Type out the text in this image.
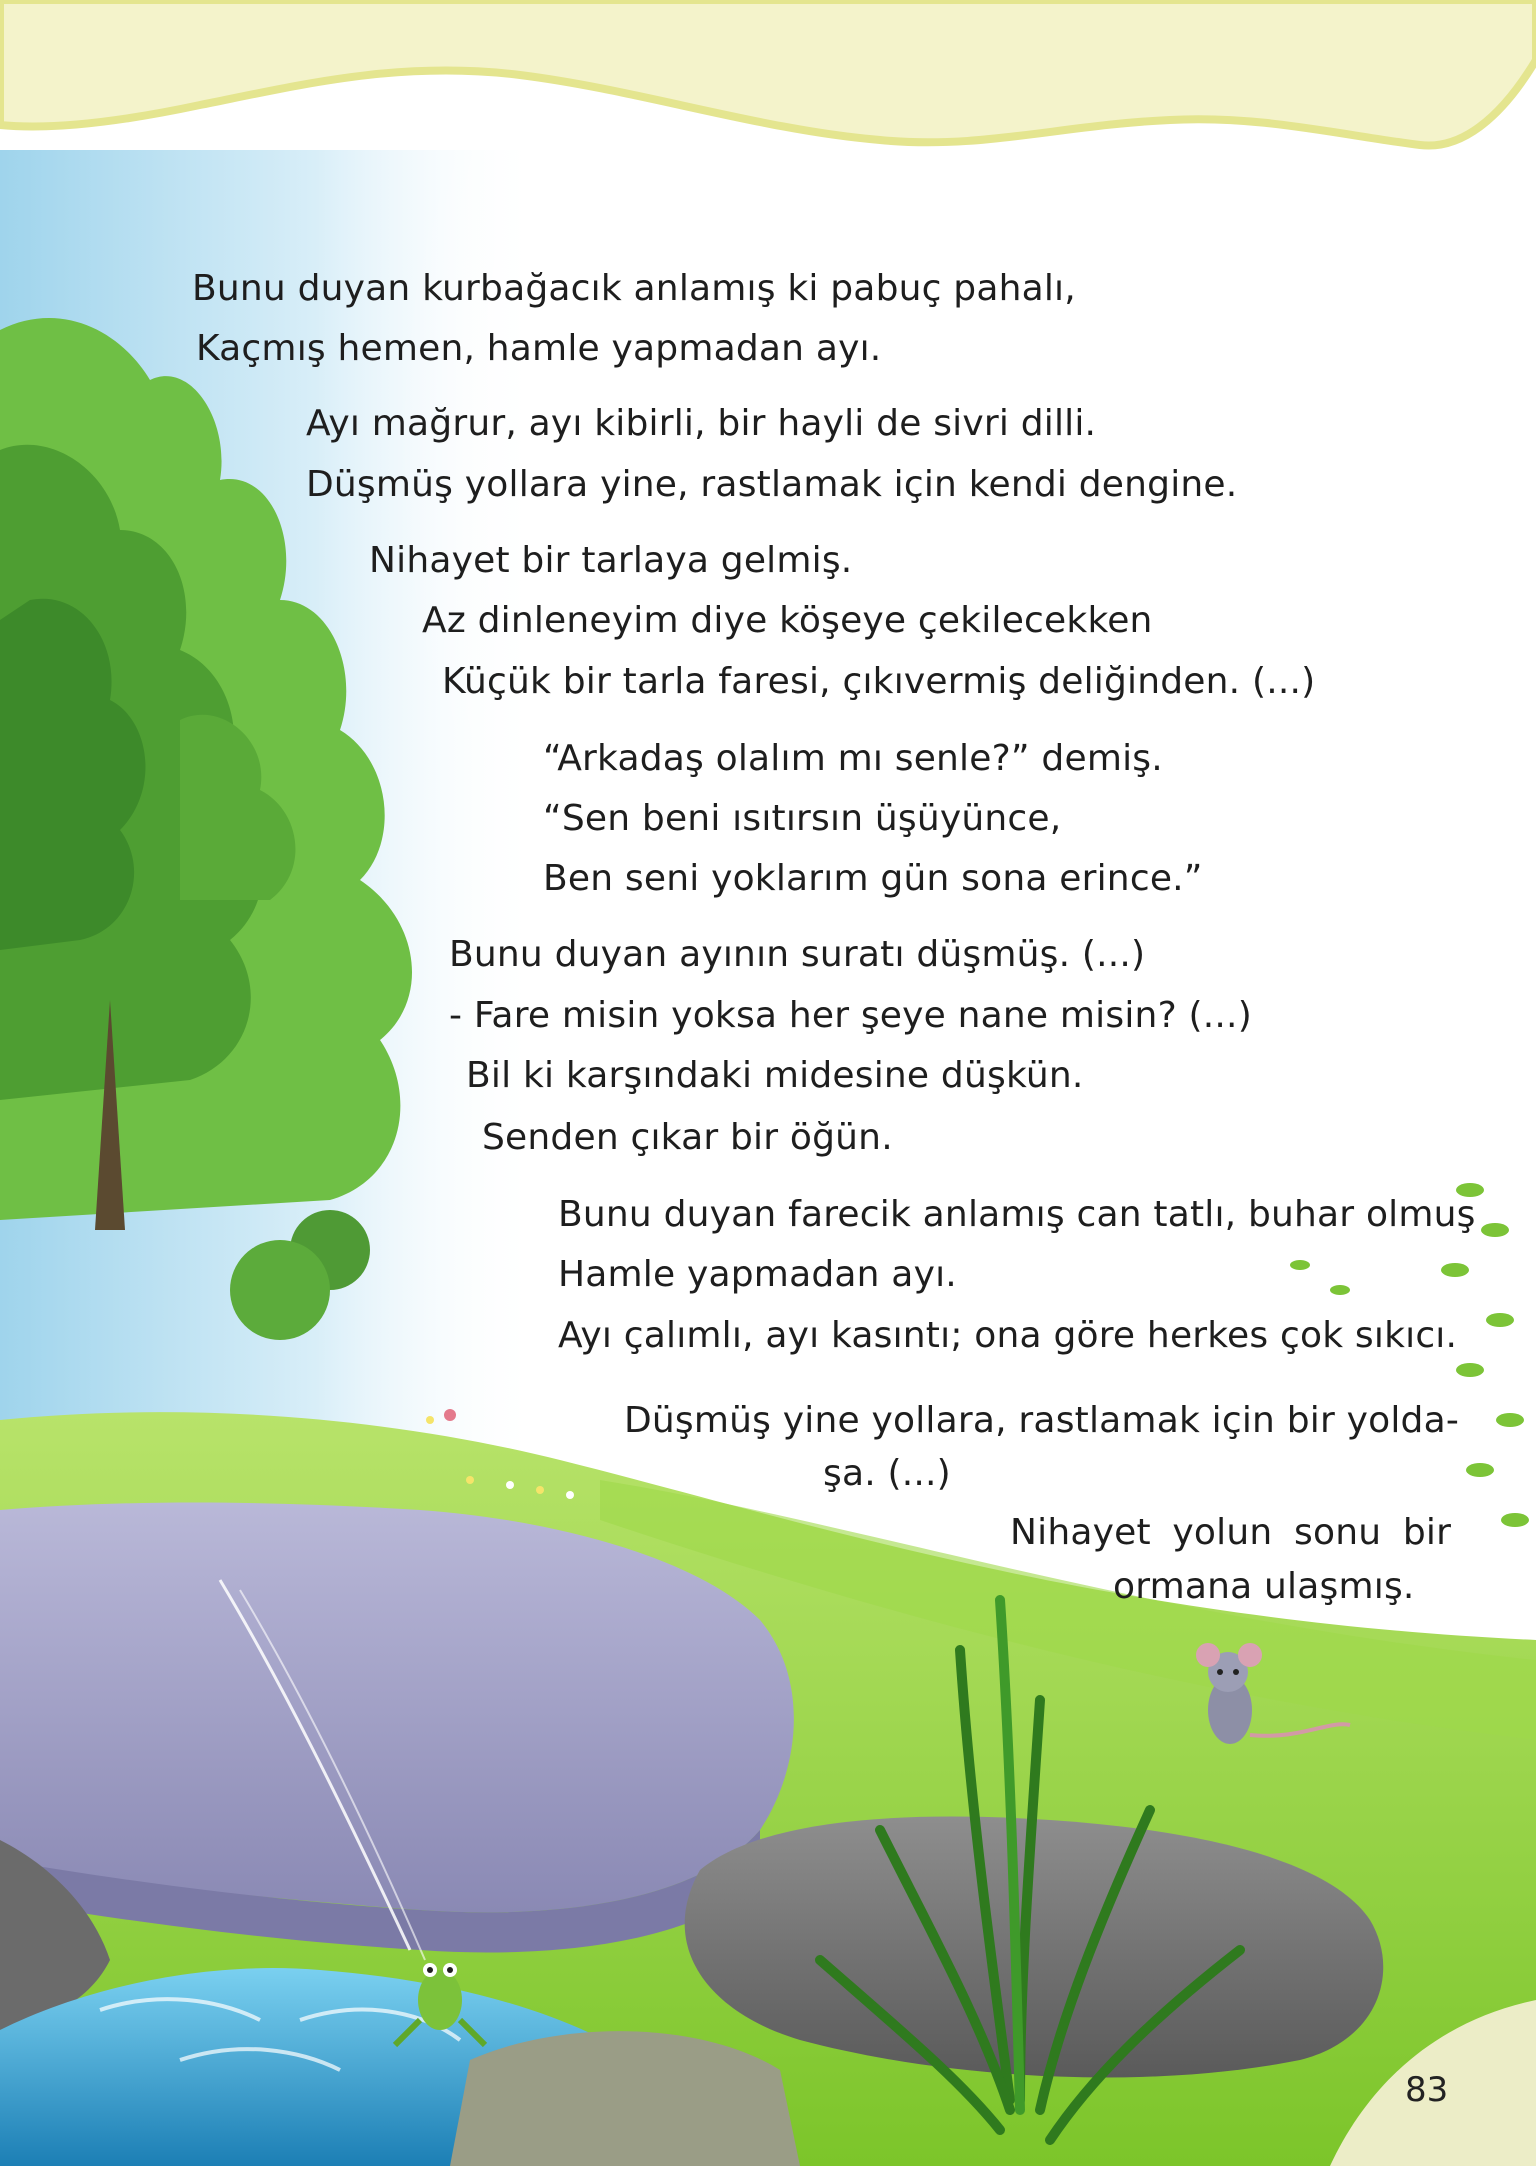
Bunu duyan kurbağacık anlamış ki pabuç pahalı,
Kaçmış hemen, hamle yapmadan ayı.
Ayı mağrur, ayı kibirli, bir hayli de sivri dilli.
Düşmüş yollara yine, rastlamak için kendi dengine.
Nihayet bir tarlaya gelmiş.
Az dinleneyim diye köşeye çekilecekken
Küçük bir tarla faresi, çıkıvermiş deliğinden. (...)
“Arkadaş olalım mı senle?” demiş.
“Sen beni ısıtırsın üşüyünce,
Ben seni yoklarım gün sona erince.”
Bunu duyan ayının suratı düşmüş. (...)
- Fare misin yoksa her şeye nane misin? (...)
Bil ki karşındaki midesine düşkün.
Senden çıkar bir öğün.
Bunu duyan farecik anlamış can tatlı, buhar olmuş
Hamle yapmadan ayı.
Ayı çalımlı, ayı kasıntı; ona göre herkes çok sıkıcı.
Düşmüş yine yollara, rastlamak için bir yolda-
şa. (...)
Nihayet yolun sonu bir
ormana ulaşmış.
83
